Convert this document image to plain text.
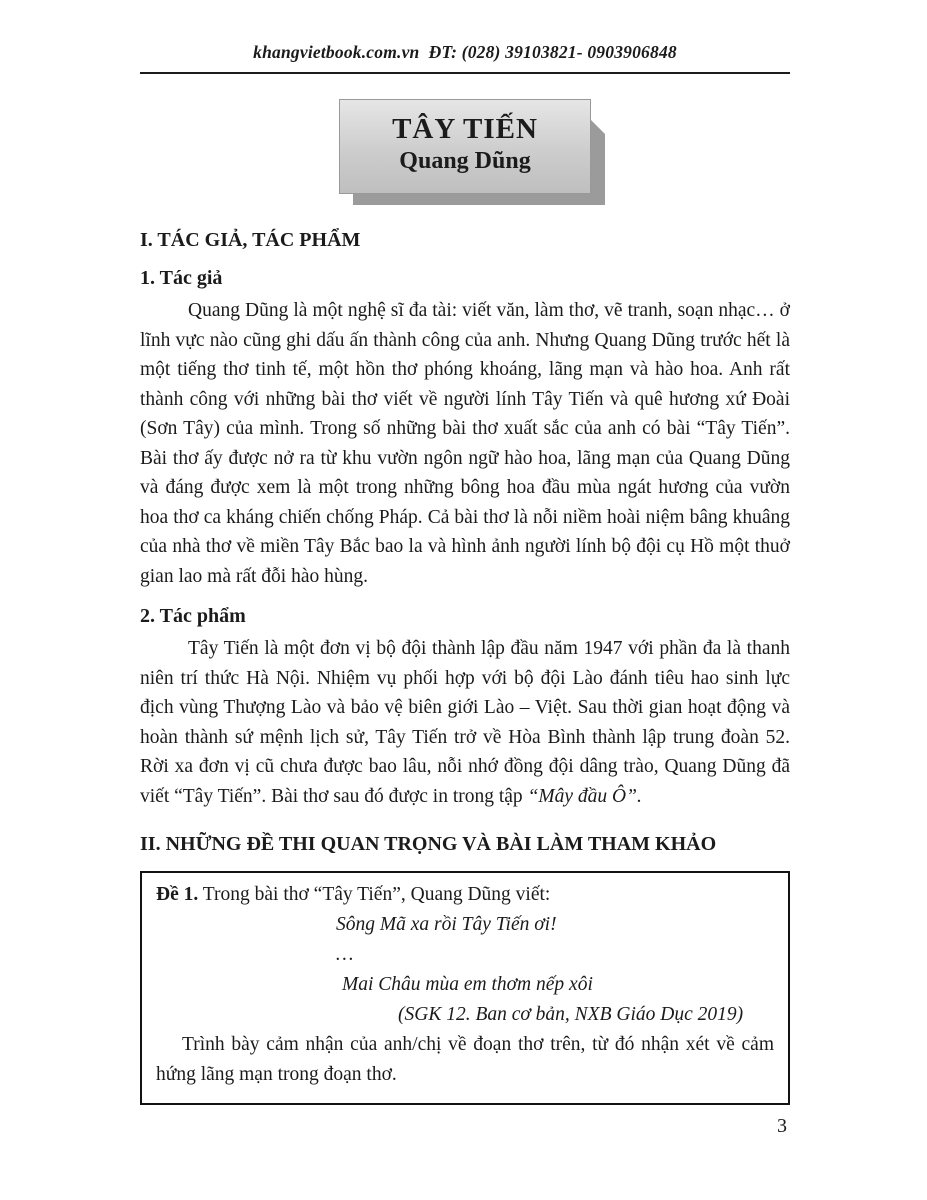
khangvietbook.com.vn  ĐT: (028) 39103821- 0903906848
TÂY TIẾN
Quang Dũng
I. TÁC GIẢ, TÁC PHẨM
1. Tác giả

Quang Dũng là một nghệ sĩ đa tài: viết văn, làm thơ, vẽ tranh, soạn nhạc… ở lĩnh vực nào cũng ghi dấu ấn thành công của anh. Nhưng Quang Dũng trước hết là một tiếng thơ tinh tế, một hồn thơ phóng khoáng, lãng mạn và hào hoa. Anh rất thành công với những bài thơ viết về người lính Tây Tiến và quê hương xứ Đoài (Sơn Tây) của mình. Trong số những bài thơ xuất sắc của anh có bài “Tây Tiến”. Bài thơ ấy được nở ra từ khu vườn ngôn ngữ hào hoa, lãng mạn của Quang Dũng và đáng được xem là một trong những bông hoa đầu mùa ngát hương của vườn hoa thơ ca kháng chiến chống Pháp. Cả bài thơ là nỗi niềm hoài niệm bâng khuâng của nhà thơ về miền Tây Bắc bao la và hình ảnh người lính bộ đội cụ Hồ một thuở gian lao mà rất đỗi hào hùng.

2. Tác phẩm

Tây Tiến là một đơn vị bộ đội thành lập đầu năm 1947 với phần đa là thanh niên trí thức Hà Nội. Nhiệm vụ phối hợp với bộ đội Lào đánh tiêu hao sinh lực địch vùng Thượng Lào và bảo vệ biên giới Lào – Việt. Sau thời gian hoạt động và hoàn thành sứ mệnh lịch sử, Tây Tiến trở về Hòa Bình thành lập trung đoàn 52. Rời xa đơn vị cũ chưa được bao lâu, nỗi nhớ đồng đội dâng trào, Quang Dũng đã viết “Tây Tiến”. Bài thơ sau đó được in trong tập “Mây đầu Ô”.

II. NHỮNG ĐỀ THI QUAN TRỌNG VÀ BÀI LÀM THAM KHẢO

Đề 1. Trong bài thơ “Tây Tiến”, Quang Dũng viết:

Sông Mã xa rồi Tây Tiến ơi!
…
Mai Châu mùa em thơm nếp xôi
(SGK 12. Ban cơ bản, NXB Giáo Dục 2019)

Trình bày cảm nhận của anh/chị về đoạn thơ trên, từ đó nhận xét về cảm hứng lãng mạn trong đoạn thơ.

3
